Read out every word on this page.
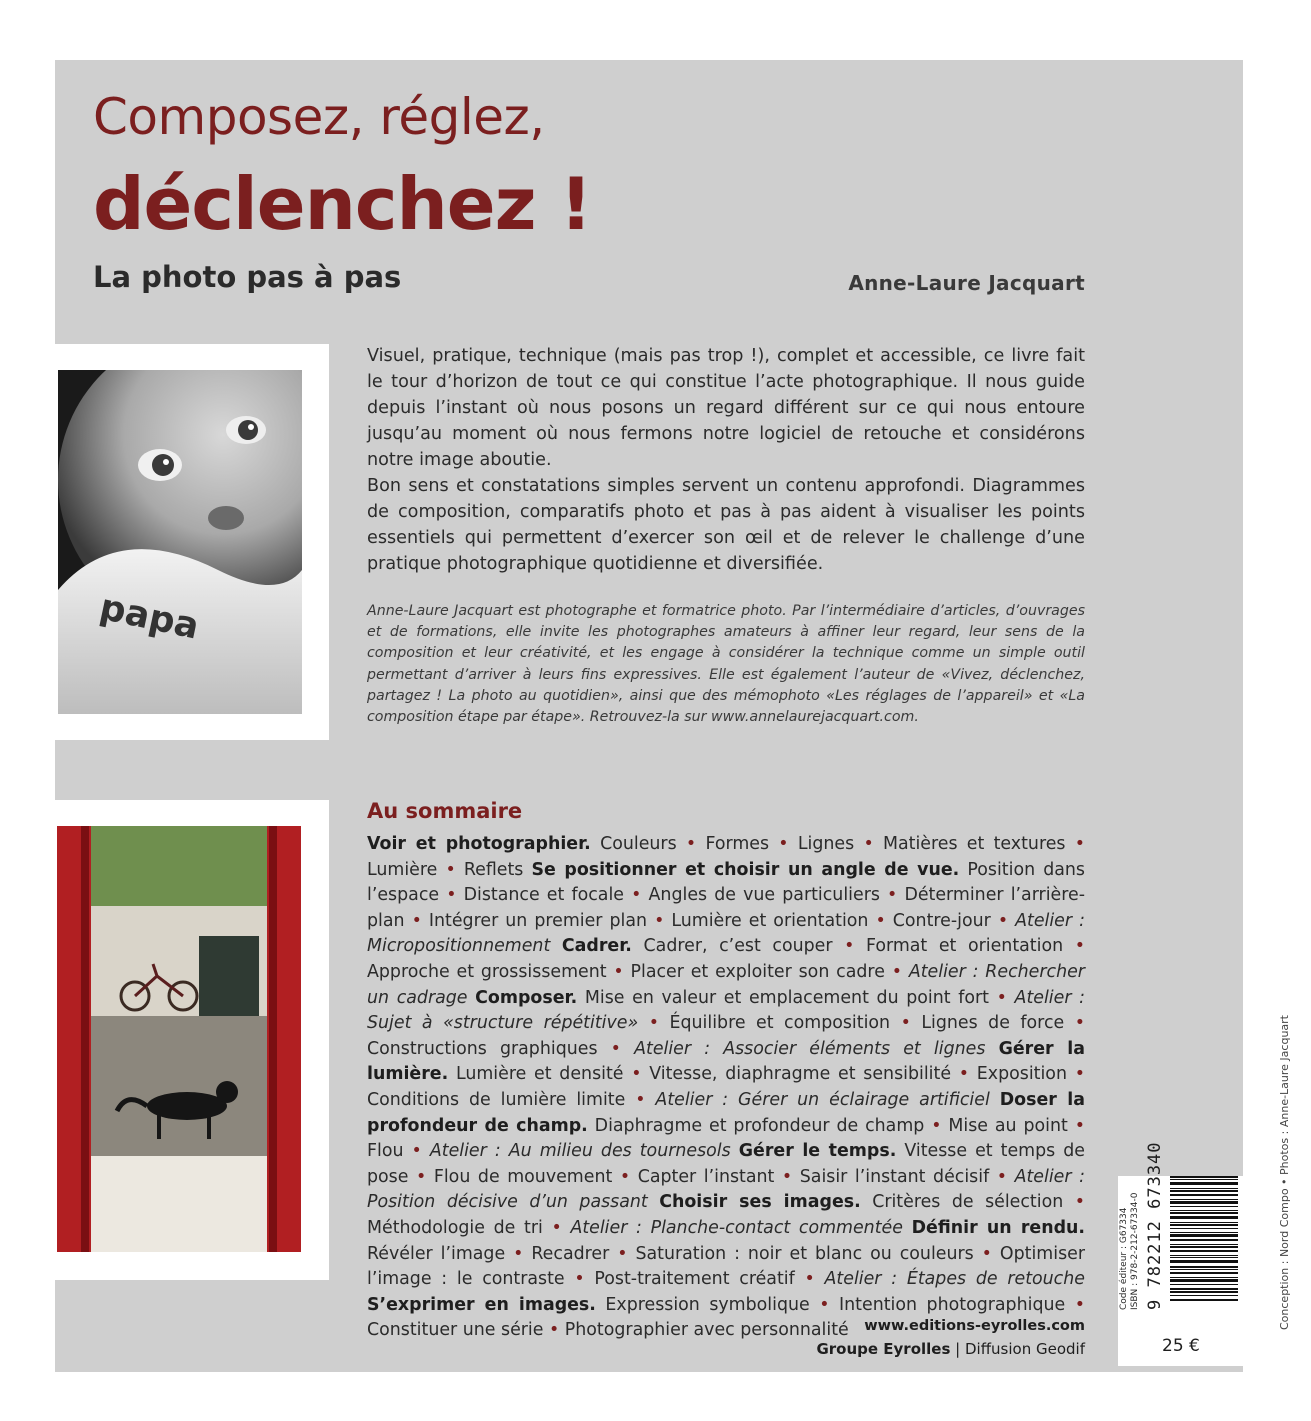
Composez, réglez,
déclenchez !
La photo pas à pas	Anne-Laure Jacquart
papa

Visuel, pratique, technique (mais pas trop !), complet et accessible, ce livre fait le tour d’horizon de tout ce qui constitue l’acte photographique. Il nous guide depuis l’instant où nous posons un regard différent sur ce qui nous entoure jusqu’au moment où nous fermons notre logiciel de retouche et considérons notre image aboutie.

Bon sens et constatations simples servent un contenu approfondi. Diagrammes de composition, comparatifs photo et pas à pas aident à visualiser les points essentiels qui permettent d’exercer son œil et de relever le challenge d’une pratique photographique quotidienne et diversifiée.

Anne-Laure Jacquart est photographe et formatrice photo. Par l’intermédiaire d’articles, d’ouvrages et de formations, elle invite les photographes amateurs à affiner leur regard, leur sens de la composition et leur créativité, et les engage à considérer la technique comme un simple outil permettant d’arriver à leurs fins expressives. Elle est également l’auteur de «Vivez, déclenchez, partagez ! La photo au quotidien», ainsi que des mémophoto «Les réglages de l’appareil» et «La composition étape par étape». Retrouvez-la sur www.annelaurejacquart.com.
Au sommaire
Voir et photographier. Couleurs • Formes • Lignes • Matières et textures • Lumière • Reflets Se positionner et choisir un angle de vue. Position dans l’espace • Distance et focale • Angles de vue particuliers • Déterminer l’arrière-plan • Intégrer un premier plan • Lumière et orientation • Contre-jour • Atelier : Micropositionnement Cadrer. Cadrer, c’est couper • Format et orientation • Approche et grossissement • Placer et exploiter son cadre • Atelier : Rechercher un cadrage Composer. Mise en valeur et emplacement du point fort • Atelier : Sujet à «structure répétitive» • Équilibre et composition • Lignes de force • Constructions graphiques • Atelier : Associer éléments et lignes Gérer la lumière. Lumière et densité • Vitesse, diaphragme et sensibilité • Exposition • Conditions de lumière limite • Atelier : Gérer un éclairage artificiel Doser la profondeur de champ. Diaphragme et profondeur de champ • Mise au point • Flou • Atelier : Au milieu des tournesols Gérer le temps. Vitesse et temps de pose • Flou de mouvement • Capter l’instant • Saisir l’instant décisif • Atelier : Position décisive d’un passant Choisir ses images. Critères de sélection • Méthodologie de tri • Atelier : Planche-contact commentée Définir un rendu. Révéler l’image • Recadrer • Saturation : noir et blanc ou couleurs • Optimiser l’image : le contraste • Post-traitement créatif • Atelier : Étapes de retouche S’exprimer en images. Expression symbolique • Intention photographique • Constituer une série • Photographier avec personnalité	www.editions-eyrolles.com
Groupe Eyrolles | Diffusion Geodif
Code éditeur : G67334 ISBN : 978-2-212-67334-0 9 782212 673340
25 €
Conception : Nord Compo • Photos : Anne-Laure Jacquart
